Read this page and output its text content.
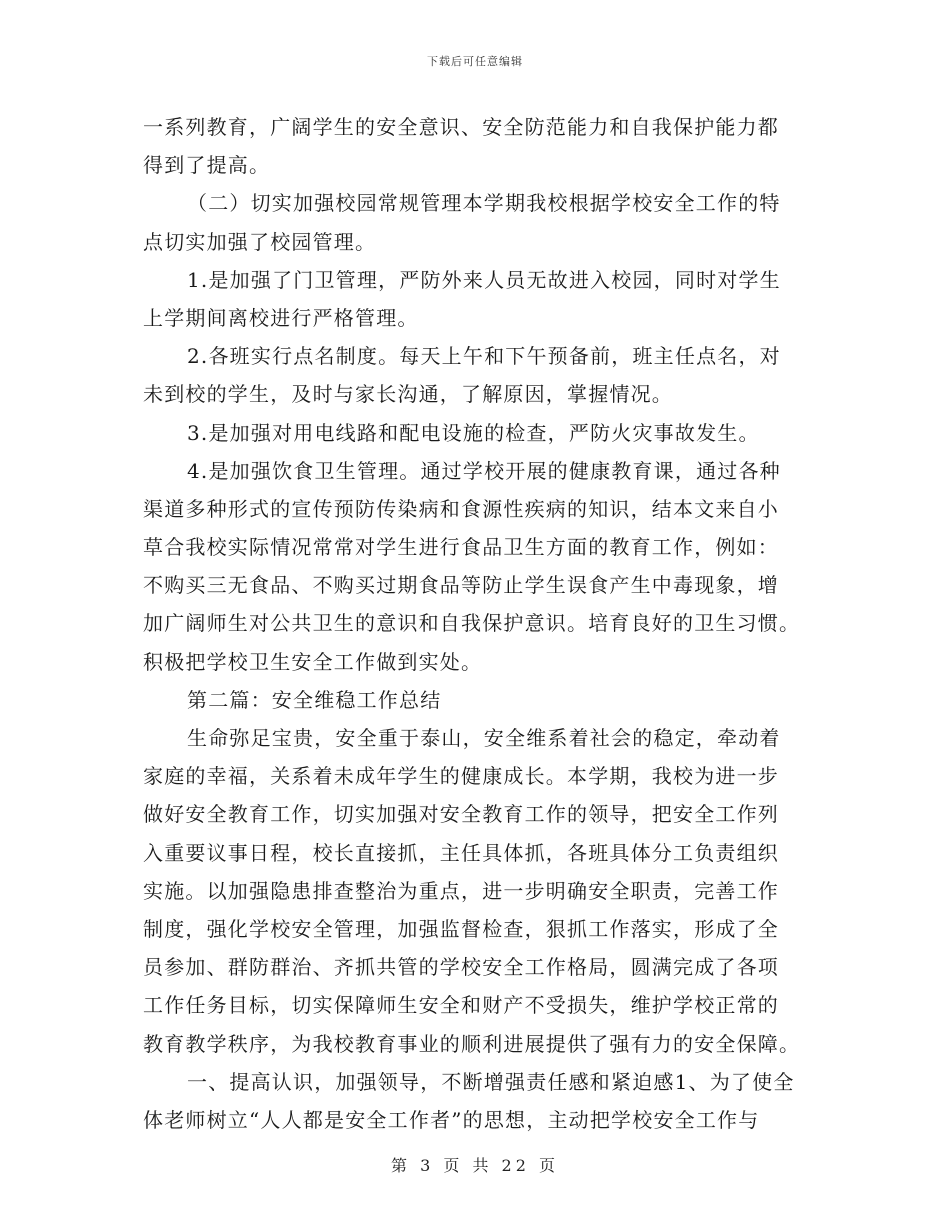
下载后可任意编辑
一系列教育，广阔学生的安全意识、安全防范能力和自我保护能力都
得到了提高。
（二）切实加强校园常规管理本学期我校根据学校安全工作的特
点切实加强了校园管理。
1.是加强了门卫管理，严防外来人员无故进入校园，同时对学生
上学期间离校进行严格管理。
2.各班实行点名制度。每天上午和下午预备前，班主任点名，对
未到校的学生，及时与家长沟通，了解原因，掌握情况。
3.是加强对用电线路和配电设施的检查，严防火灾事故发生。
4.是加强饮食卫生管理。通过学校开展的健康教育课，通过各种
渠道多种形式的宣传预防传染病和食源性疾病的知识，结本文来自小
草合我校实际情况常常对学生进行食品卫生方面的教育工作，例如：
不购买三无食品、不购买过期食品等防止学生误食产生中毒现象，增
加广阔师生对公共卫生的意识和自我保护意识。培育良好的卫生习惯。
积极把学校卫生安全工作做到实处。
第二篇：安全维稳工作总结
生命弥足宝贵，安全重于泰山，安全维系着社会的稳定，牵动着
家庭的幸福，关系着未成年学生的健康成长。本学期，我校为进一步
做好安全教育工作，切实加强对安全教育工作的领导，把安全工作列
入重要议事日程，校长直接抓，主任具体抓，各班具体分工负责组织
实施。以加强隐患排查整治为重点，进一步明确安全职责，完善工作
制度，强化学校安全管理，加强监督检查，狠抓工作落实，形成了全
员参加、群防群治、齐抓共管的学校安全工作格局，圆满完成了各项
工作任务目标，切实保障师生安全和财产不受损失，维护学校正常的
教育教学秩序，为我校教育事业的顺利进展提供了强有力的安全保障。
一、提高认识，加强领导，不断增强责任感和紧迫感1、为了使全
体老师树立“人人都是安全工作者”的思想，主动把学校安全工作与
第 3 页 共 22 页
